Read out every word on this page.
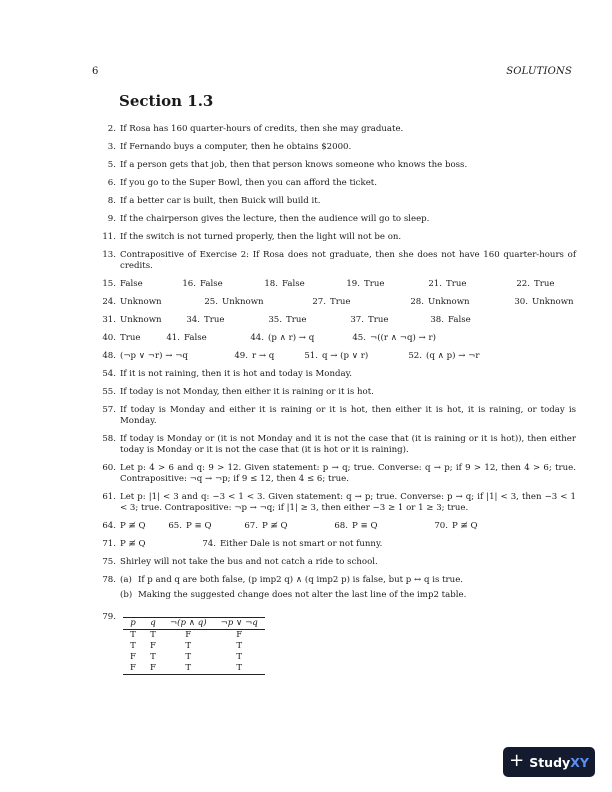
6	SOLUTIONS
Section 1.3
2. If Rosa has 160 quarter-hours of credits, then she may graduate.
3. If Fernando buys a computer, then he obtains $2000.
5. If a person gets that job, then that person knows someone who knows the boss.
6. If you go to the Super Bowl, then you can afford the ticket.
8. If a better car is built, then Buick will build it.
9. If the chairperson gives the lecture, then the audience will go to sleep.
11. If the switch is not turned properly, then the light will not be on.
13. Contrapositive of Exercise 2: If Rosa does not graduate, then she does not have 160 quarter-hours of credits.
15. False	16. False	18. False	19. True	21. True	22. True
24. Unknown	25. Unknown	27. True	28. Unknown	30. Unknown
31. Unknown	34. True	35. True	37. True	38. False
40. True	41. False	44. (p ∧ r) → q	45. ¬((r ∧ ¬q) → r)
48. (¬p ∨ ¬r) → ¬q	49. r → q	51. q → (p ∨ r)	52. (q ∧ p) → ¬r
54. If it is not raining, then it is hot and today is Monday.
55. If today is not Monday, then either it is raining or it is hot.
57. If today is Monday and either it is raining or it is hot, then either it is hot, it is raining, or today is Monday.
58. If today is Monday or (it is not Monday and it is not the case that (it is raining or it is hot)), then either today is Monday or it is not the case that (it is hot or it is raining).
60. Let p: 4 > 6 and q: 9 > 12. Given statement: p → q; true. Converse: q → p; if 9 > 12, then 4 > 6; true. Contrapositive: ¬q → ¬p; if 9 ≤ 12, then 4 ≤ 6; true.
61. Let p: |1| < 3 and q: −3 < 1 < 3. Given statement: q → p; true. Converse: p → q; if |1| < 3, then −3 < 1 < 3; true. Contrapositive: ¬p → ¬q; if |1| ≥ 3, then either −3 ≥ 1 or 1 ≥ 3; true.
64. P ≢ Q	65. P ≡ Q	67. P ≢ Q	68. P ≡ Q	70. P ≢ Q
71. P ≢ Q	74. Either Dale is not smart or not funny.
75. Shirley will not take the bus and not catch a ride to school.
78. (a) If p and q are both false, (p imp2 q) ∧ (q imp2 p) is false, but p ↔ q is true.
(b) Making the suggested change does not alter the last line of the imp2 table.
79.
p	q	¬(p ∧ q)	¬p ∨ ¬q
T	T	F	F
T	F	T	T
F	T	T	T
F	F	T	T
+ StudyXY
